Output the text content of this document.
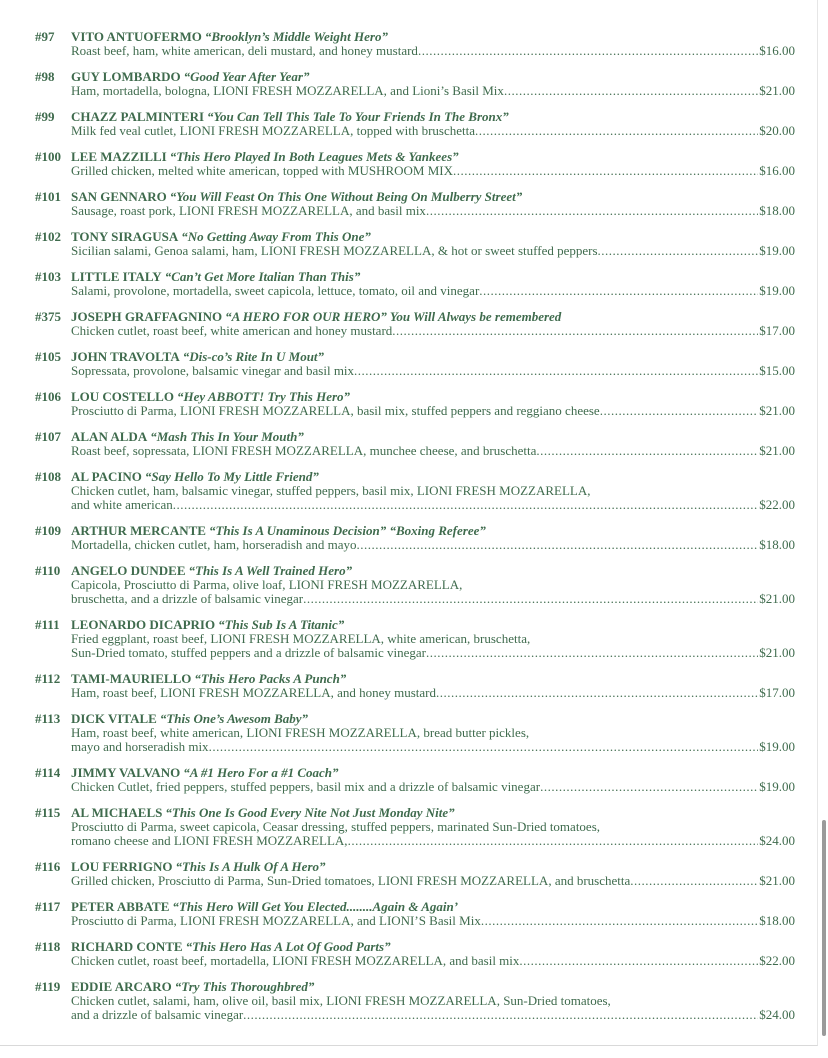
#97 VITO ANTUOFERMO “Brooklyn’s Middle Weight Hero”
Roast beef, ham, white american, deli mustard, and honey mustard .....	$16.00
#98 GUY LOMBARDO “Good Year After Year”
Ham, mortadella, bologna, LIONI FRESH MOZZARELLA, and Lioni’s Basil Mix .....	$21.00
#99 CHAZZ PALMINTERI “You Can Tell This Tale To Your Friends In The Bronx”
Milk fed veal cutlet, LIONI FRESH MOZZARELLA, topped with bruschetta .....	$20.00
#100 LEE MAZZILLI “This Hero Played In Both Leagues Mets & Yankees”
Grilled chicken, melted white american, topped with MUSHROOM MIX .....	$16.00
#101 SAN GENNARO “You Will Feast On This One Without Being On Mulberry Street”
Sausage, roast pork, LIONI FRESH MOZZARELLA, and basil mix .....	$18.00
#102 TONY SIRAGUSA “No Getting Away From This One”
Sicilian salami, Genoa salami, ham, LIONI FRESH MOZZARELLA, & hot or sweet stuffed peppers .....	$19.00
#103 LITTLE ITALY “Can’t Get More Italian Than This”
Salami, provolone, mortadella, sweet capicola, lettuce, tomato, oil and vinegar .....	$19.00
#375 JOSEPH GRAFFAGNINO “A HERO FOR OUR HERO” You Will Always be remembered
Chicken cutlet, roast beef, white american and honey mustard .....	$17.00
#105 JOHN TRAVOLTA “Dis-co’s Rite In U Mout”
Sopressata, provolone, balsamic vinegar and basil mix .....	$15.00
#106 LOU COSTELLO “Hey ABBOTT! Try This Hero”
Prosciutto di Parma, LIONI FRESH MOZZARELLA, basil mix, stuffed peppers and reggiano cheese .....	$21.00
#107 ALAN ALDA “Mash This In Your Mouth”
Roast beef, sopressata, LIONI FRESH MOZZARELLA, munchee cheese, and bruschetta .....	$21.00
#108 AL PACINO “Say Hello To My Little Friend”
Chicken cutlet, ham, balsamic vinegar, stuffed peppers, basil mix, LIONI FRESH MOZZARELLA,
and white american .....	$22.00
#109 ARTHUR MERCANTE “This Is A Unaminous Decision” “Boxing Referee”
Mortadella, chicken cutlet, ham, horseradish and mayo .....	$18.00
#110 ANGELO DUNDEE “This Is A Well Trained Hero”
Capicola, Prosciutto di Parma, olive loaf, LIONI FRESH MOZZARELLA,
bruschetta, and a drizzle of balsamic vinegar .....	$21.00
#111 LEONARDO DICAPRIO “This Sub Is A Titanic”
Fried eggplant, roast beef, LIONI FRESH MOZZARELLA, white american, bruschetta,
Sun-Dried tomato, stuffed peppers and a drizzle of balsamic vinegar .....	$21.00
#112 TAMI-MAURIELLO “This Hero Packs A Punch”
Ham, roast beef, LIONI FRESH MOZZARELLA, and honey mustard .....	$17.00
#113 DICK VITALE “This One’s Awesom Baby”
Ham, roast beef, white american, LIONI FRESH MOZZARELLA, bread butter pickles,
mayo and horseradish mix .....	$19.00
#114 JIMMY VALVANO “A #1 Hero For a #1 Coach”
Chicken Cutlet, fried peppers, stuffed peppers, basil mix and a drizzle of balsamic vinegar .....	$19.00
#115 AL MICHAELS “This One Is Good Every Nite Not Just Monday Nite”
Prosciutto di Parma, sweet capicola, Ceasar dressing, stuffed peppers, marinated Sun-Dried tomatoes,
romano cheese and LIONI FRESH MOZZARELLA, .....	$24.00
#116 LOU FERRIGNO “This Is A Hulk Of A Hero”
Grilled chicken, Prosciutto di Parma, Sun-Dried tomatoes, LIONI FRESH MOZZARELLA, and bruschetta .....	$21.00
#117 PETER ABBATE “This Hero Will Get You Elected........Again & Again’
Prosciutto di Parma, LIONI FRESH MOZZARELLA, and LIONI’S Basil Mix .....	$18.00
#118 RICHARD CONTE “This Hero Has A Lot Of Good Parts”
Chicken cutlet, roast beef, mortadella, LIONI FRESH MOZZARELLA, and basil mix .....	$22.00
#119 EDDIE ARCARO “Try This Thoroughbred”
Chicken cutlet, salami, ham, olive oil, basil mix, LIONI FRESH MOZZARELLA, Sun-Dried tomatoes,
and a drizzle of balsamic vinegar .....	$24.00
